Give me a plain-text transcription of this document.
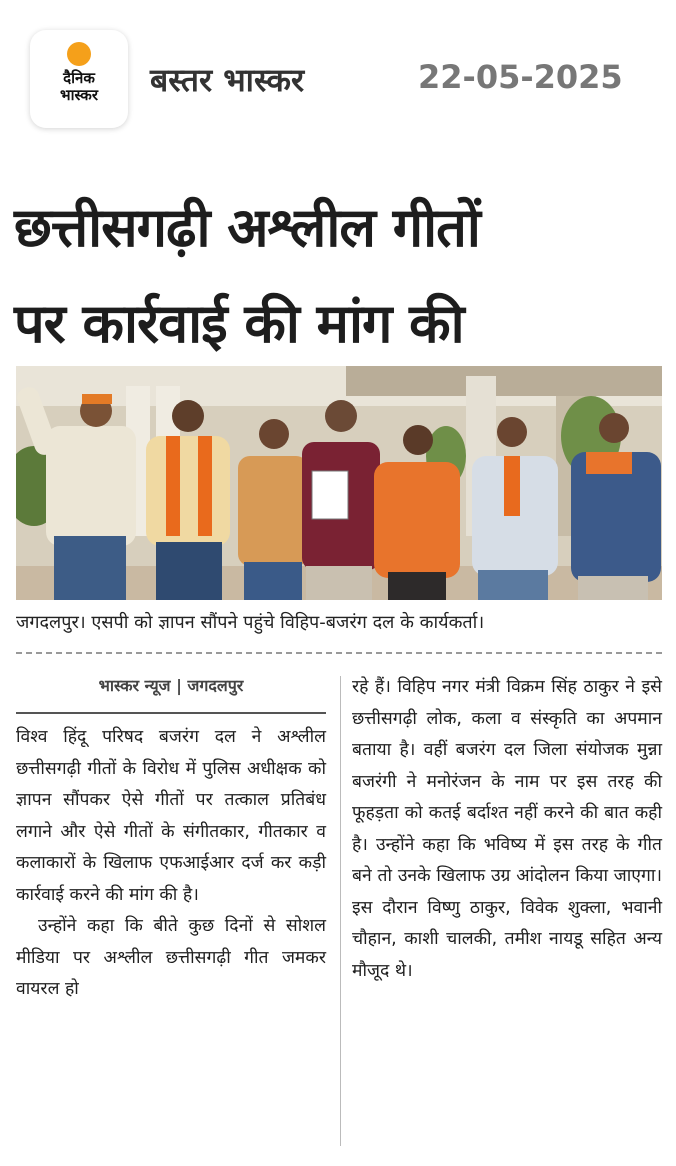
दैनिक
भास्कर	बस्तर भास्कर	22-05-2025
छत्तीसगढ़ी अश्लील गीतों
पर कार्रवाई की मांग की
जगदलपुर। एसपी को ज्ञापन सौंपने पहुंचे विहिप-बजरंग दल के कार्यकर्ता।
भास्कर न्यूज | जगदलपुर
विश्व हिंदू परिषद बजरंग दल ने अश्लील छत्तीसगढ़ी गीतों के विरोध में पुलिस अधीक्षक को ज्ञापन सौंपकर ऐसे गीतों पर तत्काल प्रतिबंध लगाने और ऐसे गीतों के संगीतकार, गीतकार व कलाकारों के खिलाफ एफआईआर दर्ज कर कड़ी कार्रवाई करने की मांग की है।
उन्होंने कहा कि बीते कुछ दिनों से सोशल मीडिया पर अश्लील छत्तीसगढ़ी गीत जमकर वायरल हो
रहे हैं। विहिप नगर मंत्री विक्रम सिंह ठाकुर ने इसे छत्तीसगढ़ी लोक, कला व संस्कृति का अपमान बताया है। वहीं बजरंग दल जिला संयोजक मुन्ना बजरंगी ने मनोरंजन के नाम पर इस तरह की फूहड़ता को कतई बर्दाश्त नहीं करने की बात कही है। उन्होंने कहा कि भविष्य में इस तरह के गीत बने तो उनके खिलाफ उग्र आंदोलन किया जाएगा। इस दौरान विष्णु ठाकुर, विवेक शुक्ला, भवानी चौहान, काशी चालकी, तमीश नायडू सहित अन्य मौजूद थे।
